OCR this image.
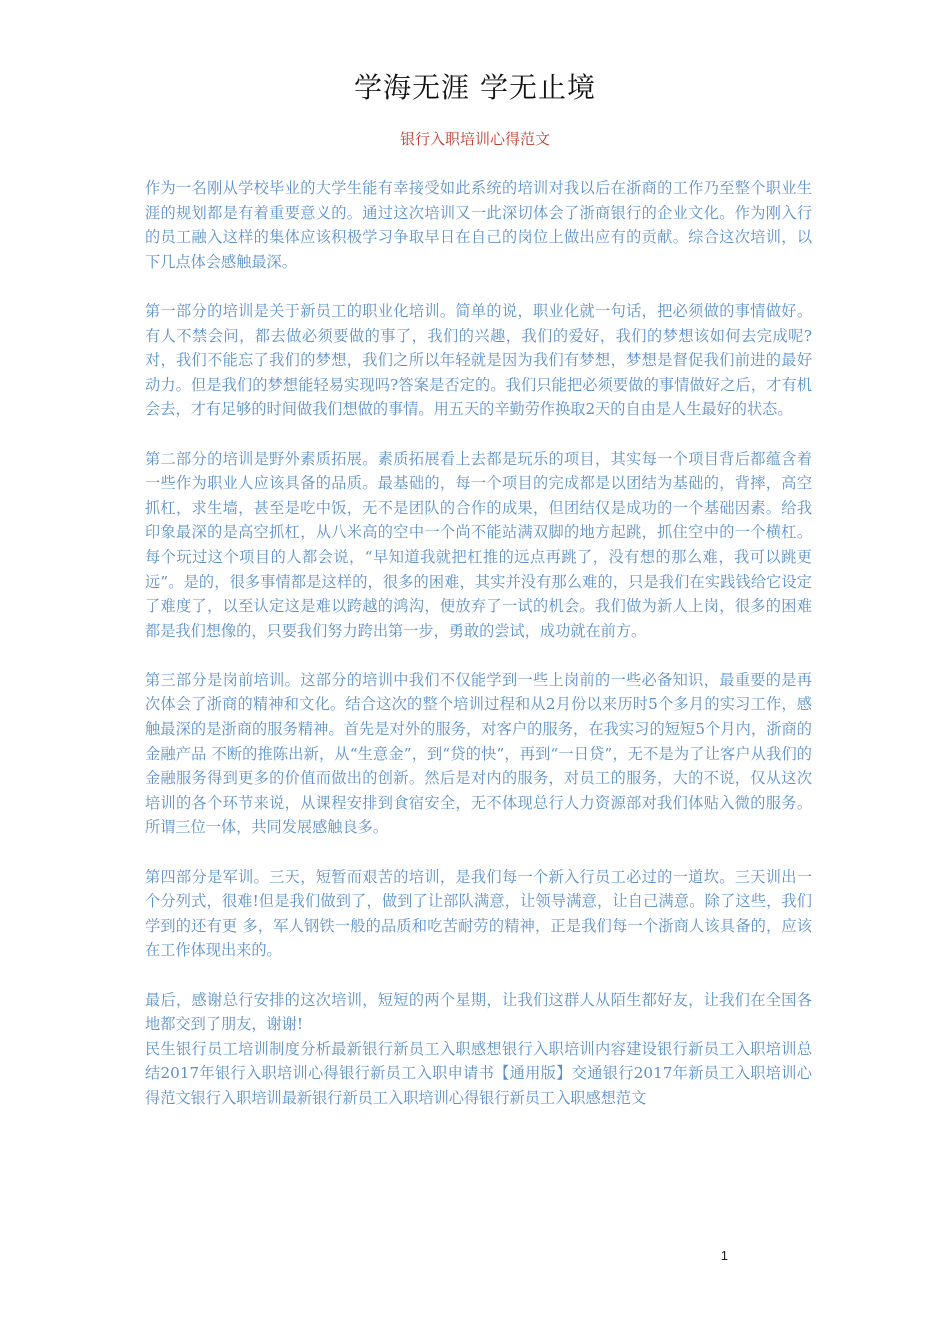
学海无涯 学无止境
银行入职培训心得范文

作为一名刚从学校毕业的大学生能有幸接受如此系统的培训对我以后在浙商的工作乃至整个职业生涯的规划都是有着重要意义的。通过这次培训又一此深切体会了浙商银行的企业文化。作为刚入行的员工融入这样的集体应该积极学习争取早日在自己的岗位上做出应有的贡献。综合这次培训，以下几点体会感触最深。

第一部分的培训是关于新员工的职业化培训。简单的说，职业化就一句话，把必须做的事情做好。有人不禁会问，都去做必须要做的事了，我们的兴趣，我们的爱好，我们的梦想该如何去完成呢?对，我们不能忘了我们的梦想，我们之所以年轻就是因为我们有梦想，梦想是督促我们前进的最好动力。但是我们的梦想能轻易实现吗?答案是否定的。我们只能把必须要做的事情做好之后，才有机会去，才有足够的时间做我们想做的事情。用五天的辛勤劳作换取2天的自由是人生最好的状态。

第二部分的培训是野外素质拓展。素质拓展看上去都是玩乐的项目，其实每一个项目背后都蕴含着一些作为职业人应该具备的品质。最基础的，每一个项目的完成都是以团结为基础的，背摔，高空抓杠，求生墙，甚至是吃中饭，无不是团队的合作的成果，但团结仅是成功的一个基础因素。给我印象最深的是高空抓杠，从八米高的空中一个尚不能站满双脚的地方起跳，抓住空中的一个横杠。每个玩过这个项目的人都会说，“早知道我就把杠推的远点再跳了，没有想的那么难，我可以跳更远”。是的，很多事情都是这样的，很多的困难，其实并没有那么难的，只是我们在实践钱给它设定了难度了，以至认定这是难以跨越的鸿沟，便放弃了一试的机会。我们做为新人上岗，很多的困难都是我们想像的，只要我们努力跨出第一步，勇敢的尝试，成功就在前方。

第三部分是岗前培训。这部分的培训中我们不仅能学到一些上岗前的一些必备知识，最重要的是再次体会了浙商的精神和文化。结合这次的整个培训过程和从2月份以来历时5个多月的实习工作，感触最深的是浙商的服务精神。首先是对外的服务，对客户的服务，在我实习的短短5个月内，浙商的金融产品 不断的推陈出新，从“生意金”，到“贷的快”，再到“一日贷”，无不是为了让客户从我们的金融服务得到更多的价值而做出的创新。然后是对内的服务，对员工的服务，大的不说，仅从这次培训的各个环节来说，从课程安排到食宿安全，无不体现总行人力资源部对我们体贴入微的服务。所谓三位一体，共同发展感触良多。

第四部分是军训。三天，短暂而艰苦的培训，是我们每一个新入行员工必过的一道坎。三天训出一个分列式，很难!但是我们做到了，做到了让部队满意，让领导满意，让自己满意。除了这些，我们学到的还有更 多，军人钢铁一般的品质和吃苦耐劳的精神，正是我们每一个浙商人该具备的，应该在工作体现出来的。

最后，感谢总行安排的这次培训，短短的两个星期，让我们这群人从陌生都好友，让我们在全国各地都交到了朋友，谢谢!
民生银行员工培训制度分析最新银行新员工入职感想银行入职培训内容建设银行新员工入职培训总结2017年银行入职培训心得银行新员工入职申请书【通用版】交通银行2017年新员工入职培训心得范文银行入职培训最新银行新员工入职培训心得银行新员工入职感想范文
1
